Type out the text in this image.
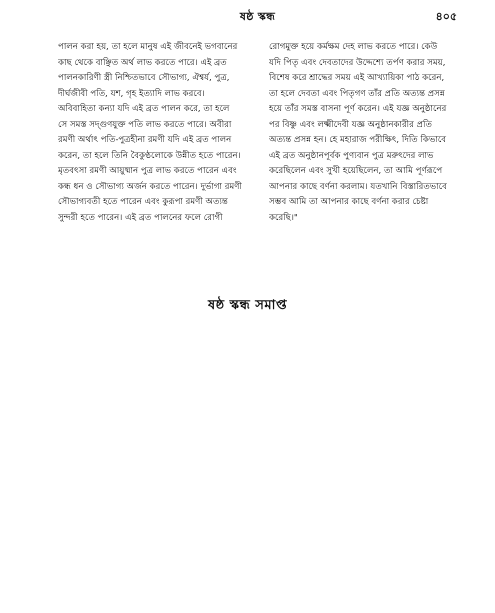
ষষ্ঠ স্কন্ধ	৪০৫
পালন করা হয়, তা হলে মানুষ এই জীবনেই ভগবানের
কাছ থেকে বাঞ্ছিত অর্থ লাভ করতে পারে। এই ব্রত
পালনকারিণী স্ত্রী নিশ্চিতভাবে সৌভাগ্য, ঐশ্বর্য, পুত্র,
দীর্ঘজীবী পতি, যশ, গৃহ ইত্যাদি লাভ করবে।
অবিবাহিতা কন্যা যদি এই ব্রত পালন করে, তা হলে
সে সমস্ত সদ্গুণযুক্ত পতি লাভ করতে পারে। অবীরা
রমণী অর্থাৎ পতি-পুত্রহীনা রমণী যদি এই ব্রত পালন
করেন, তা হলে তিনি বৈকুণ্ঠলোকে উন্নীত হতে পারেন।
মৃতবৎসা রমণী আয়ুষ্মান পুত্র লাভ করতে পারেন এবং
কন্ধ ধন ও সৌভাগ্য অর্জন করতে পারেন। দুর্ভাগা রমণী
সৌভাগ্যবতী হতে পারেন এবং কুরূপা রমণী অত্যন্ত
সুন্দরী হতে পারেন। এই ব্রত পালনের ফলে রোগী
রোগমুক্ত হয়ে কর্মক্ষম দেহ লাভ করতে পারে। কেউ
যদি পিতৃ এবং দেবতাদের উদ্দেশ্যে তর্পণ করার সময়,
বিশেষ করে শ্রাদ্ধের সময় এই আখ্যায়িকা পাঠ করেন,
তা হলে দেবতা এবং পিতৃগণ তাঁর প্রতি অত্যন্ত প্রসন্ন
হয়ে তাঁর সমস্ত বাসনা পূর্ণ করেন। এই যজ্ঞ অনুষ্ঠানের
পর বিষ্ণু এবং লক্ষ্মীদেবী যজ্ঞ অনুষ্ঠানকারীর প্রতি
অত্যন্ত প্রসন্ন হন। হে মহারাজ পরীক্ষিৎ, দিতি কিভাবে
এই ব্রত অনুষ্ঠানপূর্বক পুণ্যবান পুত্র মরুৎদের লাভ
করেছিলেন এবং সুখী হয়েছিলেন, তা আমি পূর্ণরূপে
আপনার কাছে বর্ণনা করলাম। যতখানি বিস্তারিতভাবে
সম্ভব আমি তা আপনার কাছে বর্ণনা করার চেষ্টা
করেছি।"
ষষ্ঠ স্কন্ধ সমাপ্ত
